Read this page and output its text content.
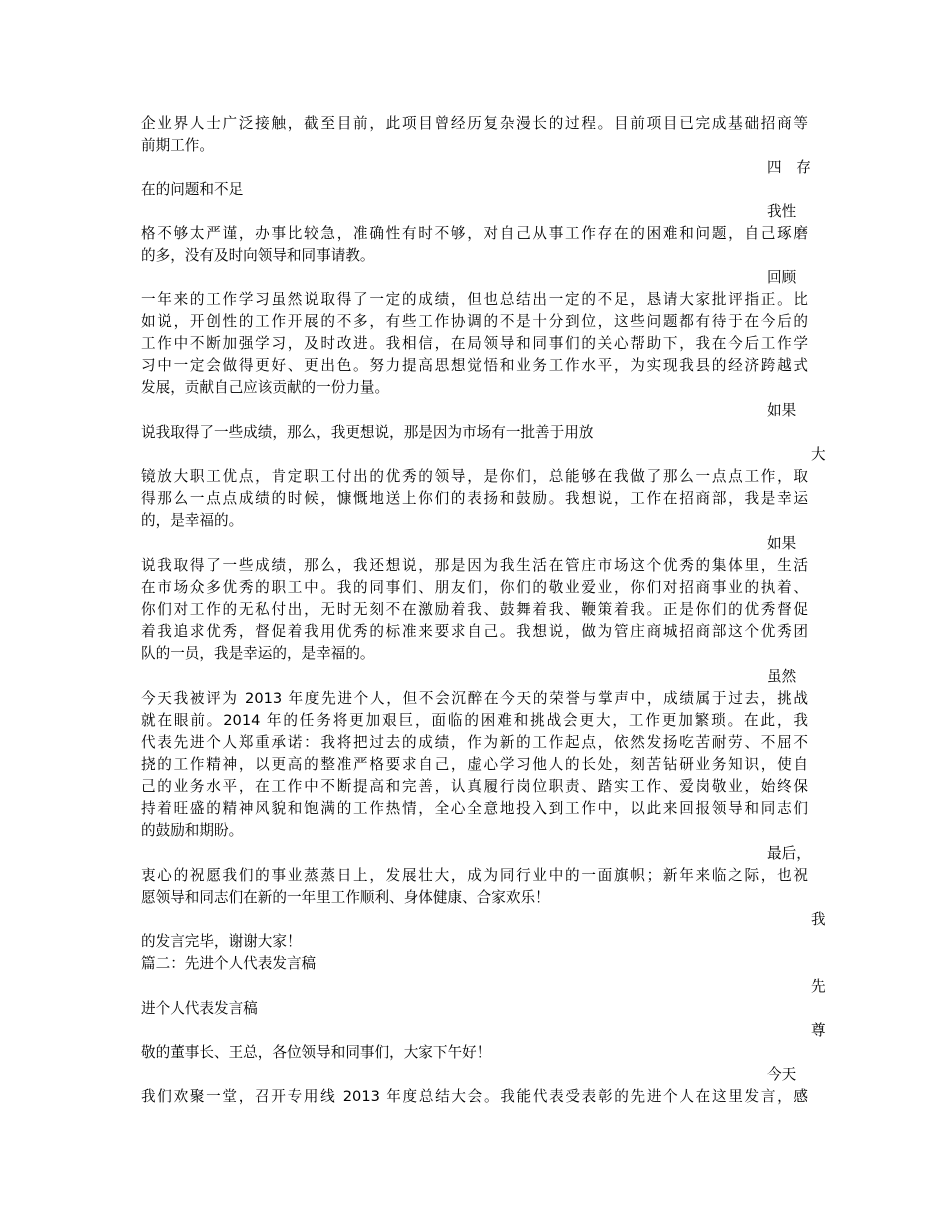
企业界人士广泛接触，截至目前，此项目曾经历复杂漫长的过程。目前项目已完成基础招商等
前期工作。
四　存
在的问题和不足
我性
格不够太严谨，办事比较急，准确性有时不够，对自己从事工作存在的困难和问题，自己琢磨
的多，没有及时向领导和同事请教。
回顾
一年来的工作学习虽然说取得了一定的成绩，但也总结出一定的不足，恳请大家批评指正。比
如说，开创性的工作开展的不多，有些工作协调的不是十分到位，这些问题都有待于在今后的
工作中不断加强学习，及时改进。我相信，在局领导和同事们的关心帮助下，我在今后工作学
习中一定会做得更好、更出色。努力提高思想觉悟和业务工作水平，为实现我县的经济跨越式
发展，贡献自己应该贡献的一份力量。
如果
说我取得了一些成绩，那么，我更想说，那是因为市场有一批善于用放
大
镜放大职工优点，肯定职工付出的优秀的领导，是你们，总能够在我做了那么一点点工作，取
得那么一点点成绩的时候，慷慨地送上你们的表扬和鼓励。我想说，工作在招商部，我是幸运
的，是幸福的。
如果
说我取得了一些成绩，那么，我还想说，那是因为我生活在管庄市场这个优秀的集体里，生活
在市场众多优秀的职工中。我的同事们、朋友们，你们的敬业爱业，你们对招商事业的执着、
你们对工作的无私付出，无时无刻不在激励着我、鼓舞着我、鞭策着我。正是你们的优秀督促
着我追求优秀，督促着我用优秀的标准来要求自己。我想说，做为管庄商城招商部这个优秀团
队的一员，我是幸运的，是幸福的。
虽然
今天我被评为 2013 年度先进个人，但不会沉醉在今天的荣誉与掌声中，成绩属于过去，挑战
就在眼前。2014 年的任务将更加艰巨，面临的困难和挑战会更大，工作更加繁琐。在此，我
代表先进个人郑重承诺：我将把过去的成绩，作为新的工作起点，依然发扬吃苦耐劳、不屈不
挠的工作精神，以更高的整准严格要求自己，虚心学习他人的长处，刻苦钻研业务知识，使自
己的业务水平，在工作中不断提高和完善，认真履行岗位职责、踏实工作、爱岗敬业，始终保
持着旺盛的精神风貌和饱满的工作热情，全心全意地投入到工作中，以此来回报领导和同志们
的鼓励和期盼。
最后，
衷心的祝愿我们的事业蒸蒸日上，发展壮大，成为同行业中的一面旗帜；新年来临之际，也祝
愿领导和同志们在新的一年里工作顺利、身体健康、合家欢乐！
我
的发言完毕，谢谢大家！
篇二：先进个人代表发言稿
先
进个人代表发言稿
尊
敬的董事长、王总，各位领导和同事们，大家下午好！
今天
我们欢聚一堂，召开专用线 2013 年度总结大会。我能代表受表彰的先进个人在这里发言，感
